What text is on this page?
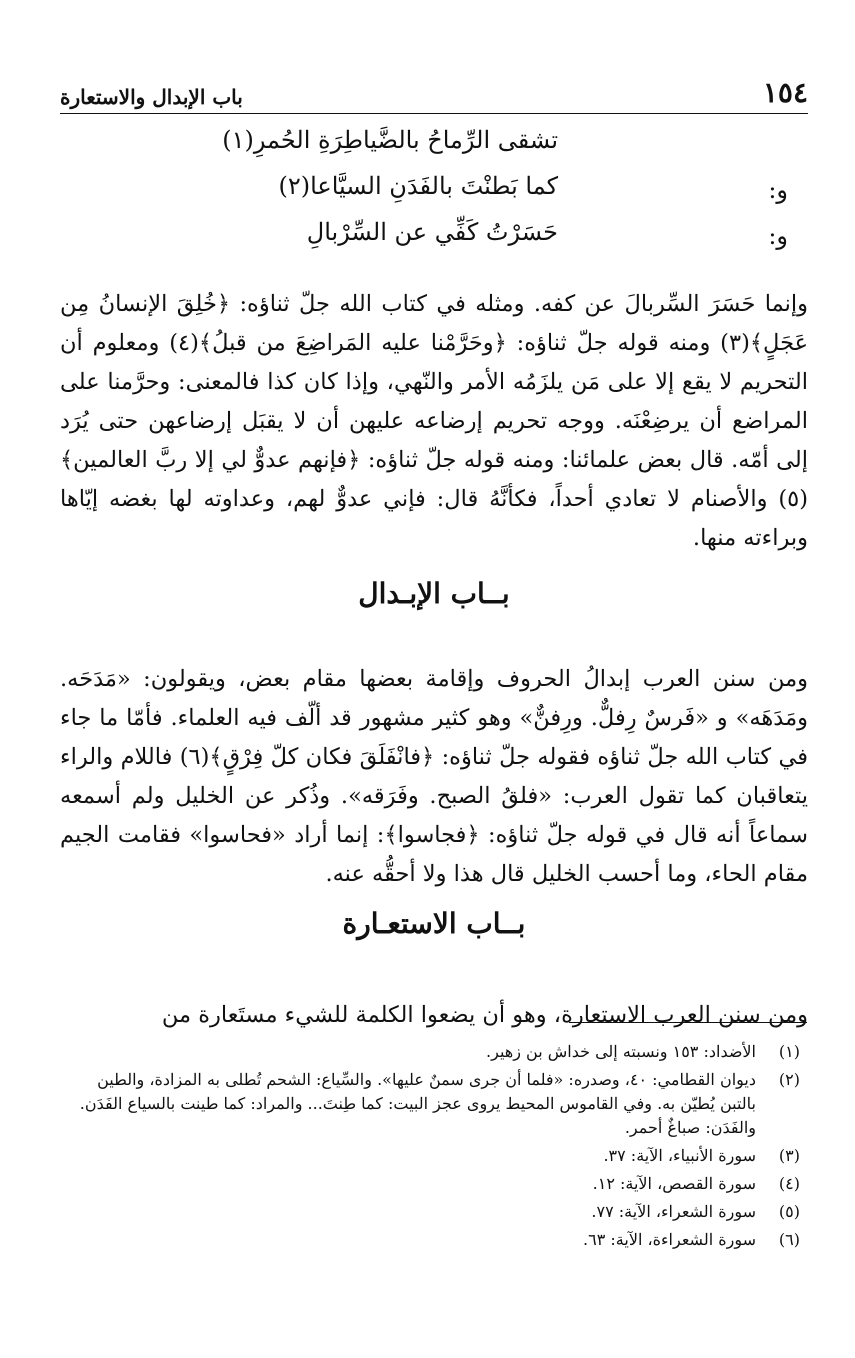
١٥٤
باب الإبدال والاستعارة
تشقى الرِّماحُ بالضَّياطِرَةِ الحُمرِ(١)
و:
كما بَطنْتَ بالفَدَنِ السيَّاعا(٢)
و:
حَسَرْتُ كَفِّي عن السِّرْبالِ

وإنما حَسَرَ السِّربالَ عن كفه. ومثله في كتاب الله جلّ ثناؤه: ﴿خُلِقَ الإنسانُ مِن عَجَلٍ﴾(٣) ومنه قوله جلّ ثناؤه: ﴿وحَرَّمْنا عليه المَراضِعَ من قبلُ﴾(٤) ومعلوم أن التحريم لا يقع إلا على مَن يلزَمُه الأمر والنّهي، وإذا كان كذا فالمعنى: وحرَّمنا على المراضع أن يرضِعْنَه. ووجه تحريم إرضاعه عليهن أن لا يقبَل إرضاعهن حتى يُرَد إلى أمّه. قال بعض علمائنا: ومنه قوله جلّ ثناؤه: ﴿فإنهم عدوٌّ لي إلا ربَّ العالمين﴾(٥) والأصنام لا تعادي أحداً، فكأنَّهُ قال: فإني عدوٌّ لهم، وعداوته لها بغضه إيّاها وبراءته منها.

بــاب الإبـدال

ومن سنن العرب إبدالُ الحروف وإقامة بعضها مقام بعض، ويقولون: «مَدَحَه. ومَدَهَه» و «فَرسٌ رِفلٌّ. ورِفنٌّ» وهو كثير مشهور قد ألّف فيه العلماء. فأمّا ما جاء في كتاب الله جلّ ثناؤه فقوله جلّ ثناؤه: ﴿فانْفَلَقَ فكان كلّ فِرْقٍ﴾(٦) فاللام والراء يتعاقبان كما تقول العرب: «فلقُ الصبح. وفَرَقه». وذُكر عن الخليل ولم أسمعه سماعاً أنه قال في قوله جلّ ثناؤه: ﴿فجاسوا﴾: إنما أراد «فحاسوا» فقامت الجيم مقام الحاء، وما أحسب الخليل قال هذا ولا أحقُّه عنه.

بــاب الاستعـارة

ومن سنن العرب الاستعارة، وهو أن يضعوا الكلمة للشيء مستَعارة من

(١)
الأضداد: ١٥٣ ونسبته إلى خداش بن زهير.

(٢)
ديوان القطامي: ٤٠، وصدره: «فلما أن جرى سمنٌ عليها». والسِّياع: الشحم تُطلى به المزادة، والطين بالتبن يُطيّن به. وفي القاموس المحيط يروى عجز البيت: كما طِنتَ... والمراد: كما طينت بالسياع الفَدَن. والفَدَن: صباغٌ أحمر.

(٣)
سورة الأنبياء، الآية: ٣٧.

(٤)
سورة القصص، الآية: ١٢.

(٥)
سورة الشعراء، الآية: ٧٧.

(٦)
سورة الشعراءة، الآية: ٦٣.
